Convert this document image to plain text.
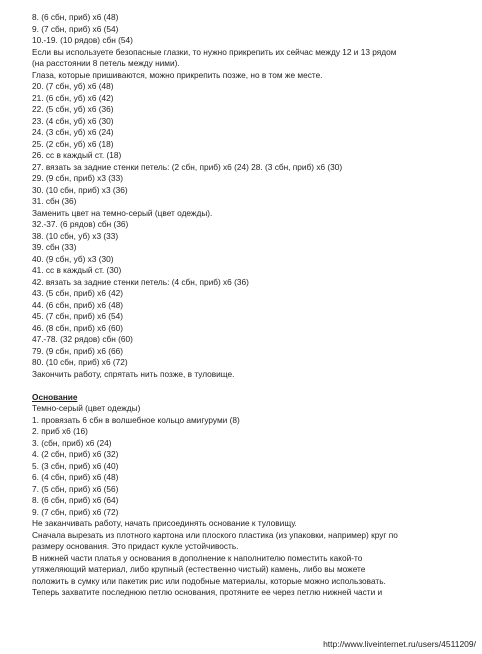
8. (6 сбн, приб) х6 (48)
9. (7 сбн, приб) х6 (54)
10.-19. (10 рядов) сбн (54)
Если вы используете безопасные глазки, то нужно прикрепить их сейчас между 12 и 13 рядом
(на расстоянии 8 петель между ними).
Глаза, которые пришиваются, можно прикрепить позже, но в том же месте.
20. (7 сбн, уб) х6 (48)
21. (6 сбн, уб) х6 (42)
22. (5 сбн, уб) х6 (36)
23. (4 сбн, уб) х6 (30)
24. (3 сбн, уб) х6 (24)
25. (2 сбн, уб) х6 (18)
26. сс в каждый ст. (18)
27. вязать за задние стенки петель: (2 сбн, приб) х6 (24) 28. (3 сбн, приб) х6 (30)
29. (9 сбн, приб) х3 (33)
30. (10 сбн, приб) х3 (36)
31. сбн (36)
Заменить цвет на темно-серый (цвет одежды).
32.-37. (6 рядов) сбн (36)
38. (10 сбн, уб) х3 (33)
39. сбн (33)
40. (9 сбн, уб) х3 (30)
41. сс в каждый ст. (30)
42. вязать за задние стенки петель: (4 сбн, приб) х6 (36)
43. (5 сбн, приб) х6 (42)
44. (6 сбн, приб) х6 (48)
45. (7 сбн, приб) х6 (54)
46. (8 сбн, приб) х6 (60)
47.-78. (32 рядов) сбн (60)
79. (9 сбн, приб) х6 (66)
80. (10 сбн, приб) х6 (72)
Закончить работу, спрятать нить позже, в туловище.
Основание
Темно-серый (цвет одежды)
1. провязать 6 сбн в волшебное кольцо амигуруми (8)
2. приб х6 (16)
3. (сбн, приб) х6 (24)
4. (2 сбн, приб) х6 (32)
5. (3 сбн, приб) х6 (40)
6. (4 сбн, приб) х6 (48)
7. (5 сбн, приб) х6 (56)
8. (6 сбн, приб) х6 (64)
9. (7 сбн, приб) х6 (72)
Не заканчивать работу, начать присоединять основание к туловищу.
Сначала вырезать из плотного картона или плоского пластика (из упаковки, например) круг по
размеру основания. Это придаст кукле устойчивость.
В нижней части платья у основания в дополнение к наполнителю поместить какой-то
утяжеляющий материал, либо крупный (естественно чистый) камень, либо вы можете
положить в сумку или пакетик рис или подобные материалы, которые можно использовать.
Теперь захватите последнюю петлю основания, протяните ее через петлю нижней части и
http://www.liveinternet.ru/users/4511209/
